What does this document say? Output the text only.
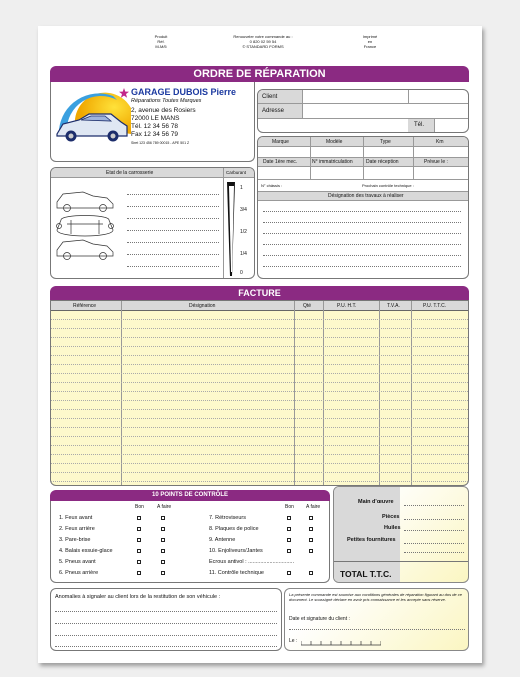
Produit
Réf.
M-M/5
Renouveler votre commande au :
0 820 02 59 54
© STANDARD FORMS
Imprimé
en
France
ORDRE DE RÉPARATION
GARAGE DUBOIS Pierre
Réparations Toutes Marques
2, avenue des Rosiers
72000 LE MANS
Tél. 12 34 56 78
Fax 12 34 56 79
Siret 123 456 789 00015 - APE 501 Z
Client
Adresse
Tél.
Marque	Modèle	Type	Km
Date 1ère mec.	N° immatriculation	Date réception	Prévue le :
N° châssis :	Prochain contrôle technique :
Désignation des travaux à réaliser
Etat de la carrosserie	Carburant
1
3/4
1/2
1/4
0
FACTURE
Référence	Désignation	Qté	P.U. H.T.	T.V.A.	P.U. T.T.C.
10 POINTS DE CONTRÔLE
Bon	A faire	Bon A faire
1. Feux avant	7. Rétroviseurs
2. Feux arrière	8. Plaques de police
3. Pare-brise	9. Antenne
4. Balais essuie-glace	10. Enjoliveurs/Jantes
5. Pneus avant	Ecrous antivol : ..............................
6. Pneus arrière	11. Contrôle technique
Main d'œuvre
Pièces
Huiles
Petites fournitures
TOTAL T.T.C.
Anomalies à signaler au client lors de la restitution de son véhicule :	La présente commande est soumise aux conditions générales de réparation figurant au dos de ce document. Le soussigné déclare en avoir pris connaissance et les accepte sans réserve.
Date et signature du client :
Le :
